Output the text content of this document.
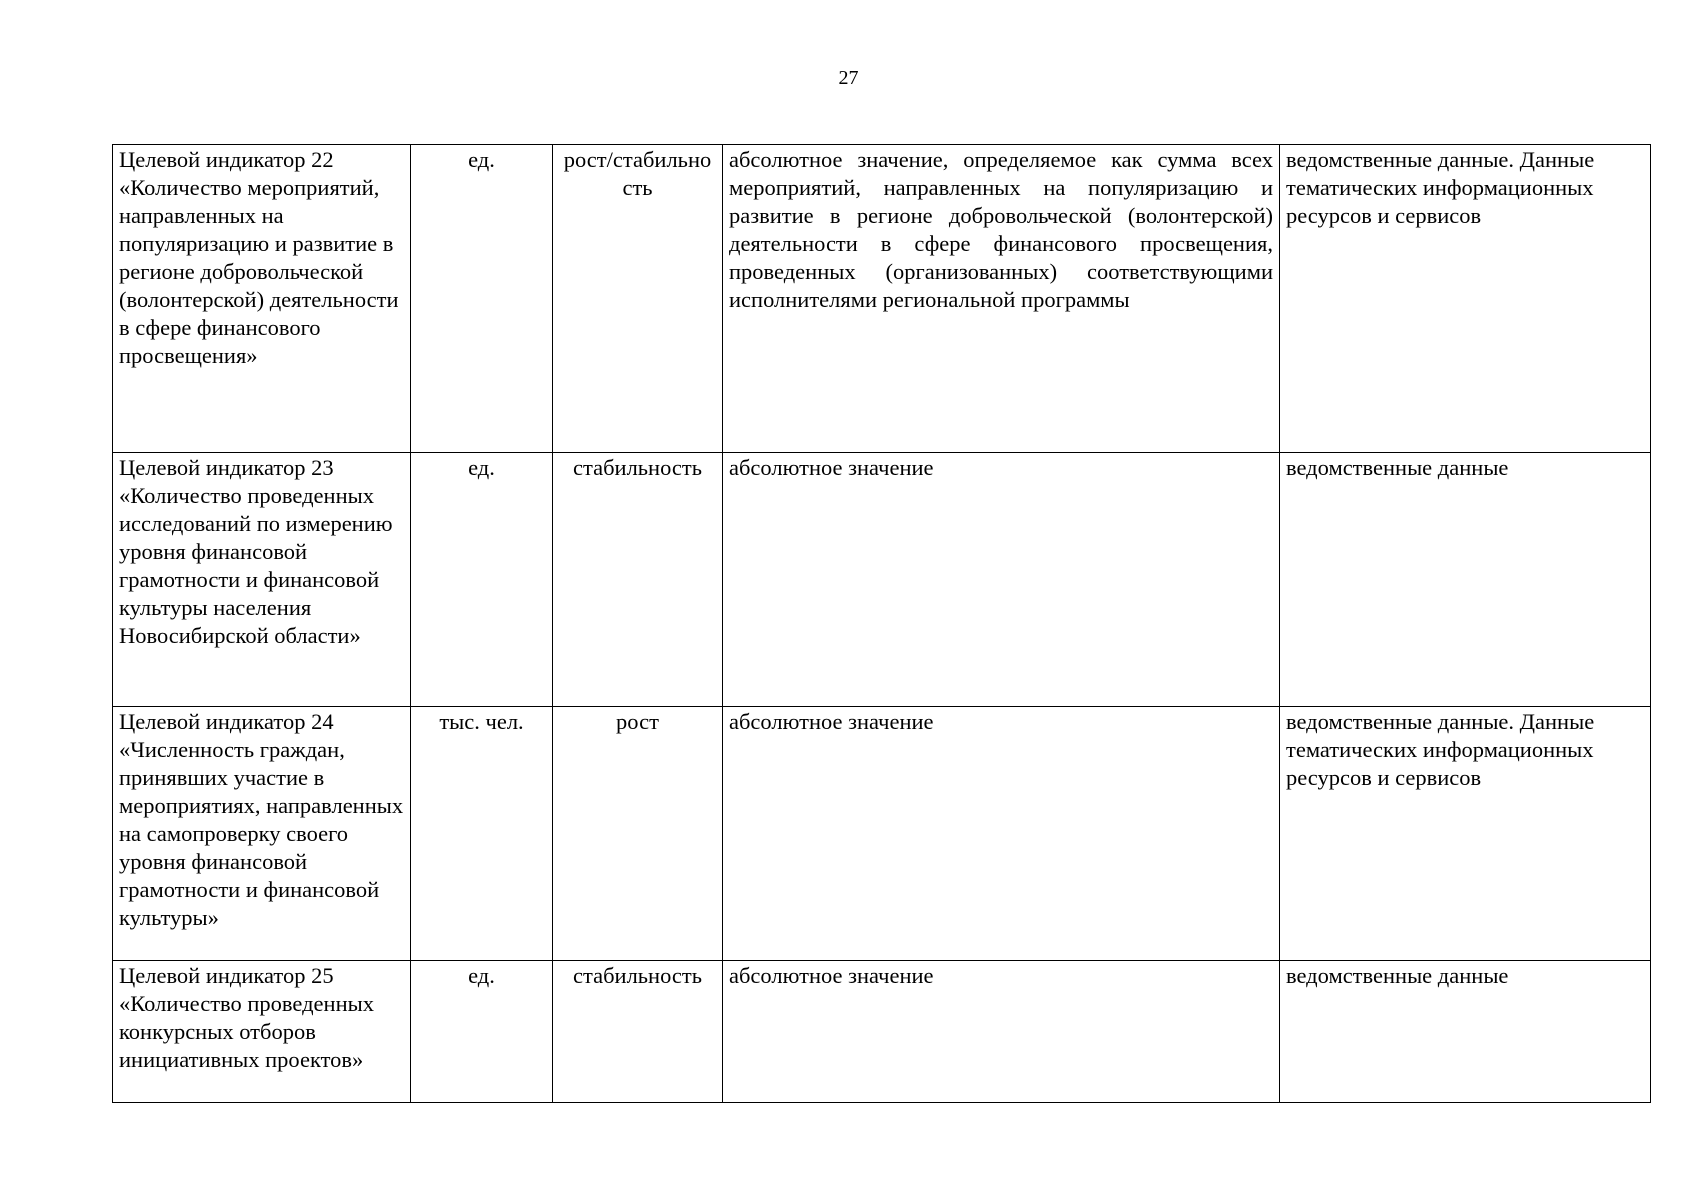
27
Целевой индикатор 22 «Количество мероприятий, направленных на популяризацию и развитие в регионе добровольческой (волонтерской) деятельности в сфере финансового просвещения»	ед.	рост/стабильность	абсолютное значение, определяемое как сумма всех мероприятий, направленных на популяризацию и развитие в регионе добровольческой (волонтерской) деятельности в сфере финансового просвещения, проведенных (организованных) соответствующими исполнителями региональной программы	ведомственные данные. Данные тематических информационных ресурсов и сервисов
Целевой индикатор 23 «Количество проведенных исследований по измерению уровня финансовой грамотности и финансовой культуры населения Новосибирской области»	ед.	стабильность	абсолютное значение	ведомственные данные
Целевой индикатор 24 «Численность граждан, принявших участие в мероприятиях, направленных на самопроверку своего уровня финансовой грамотности и финансовой культуры»	тыс. чел.	рост	абсолютное значение	ведомственные данные. Данные тематических информационных ресурсов и сервисов
Целевой индикатор 25 «Количество проведенных конкурсных отборов инициативных проектов»	ед.	стабильность	абсолютное значение	ведомственные данные
